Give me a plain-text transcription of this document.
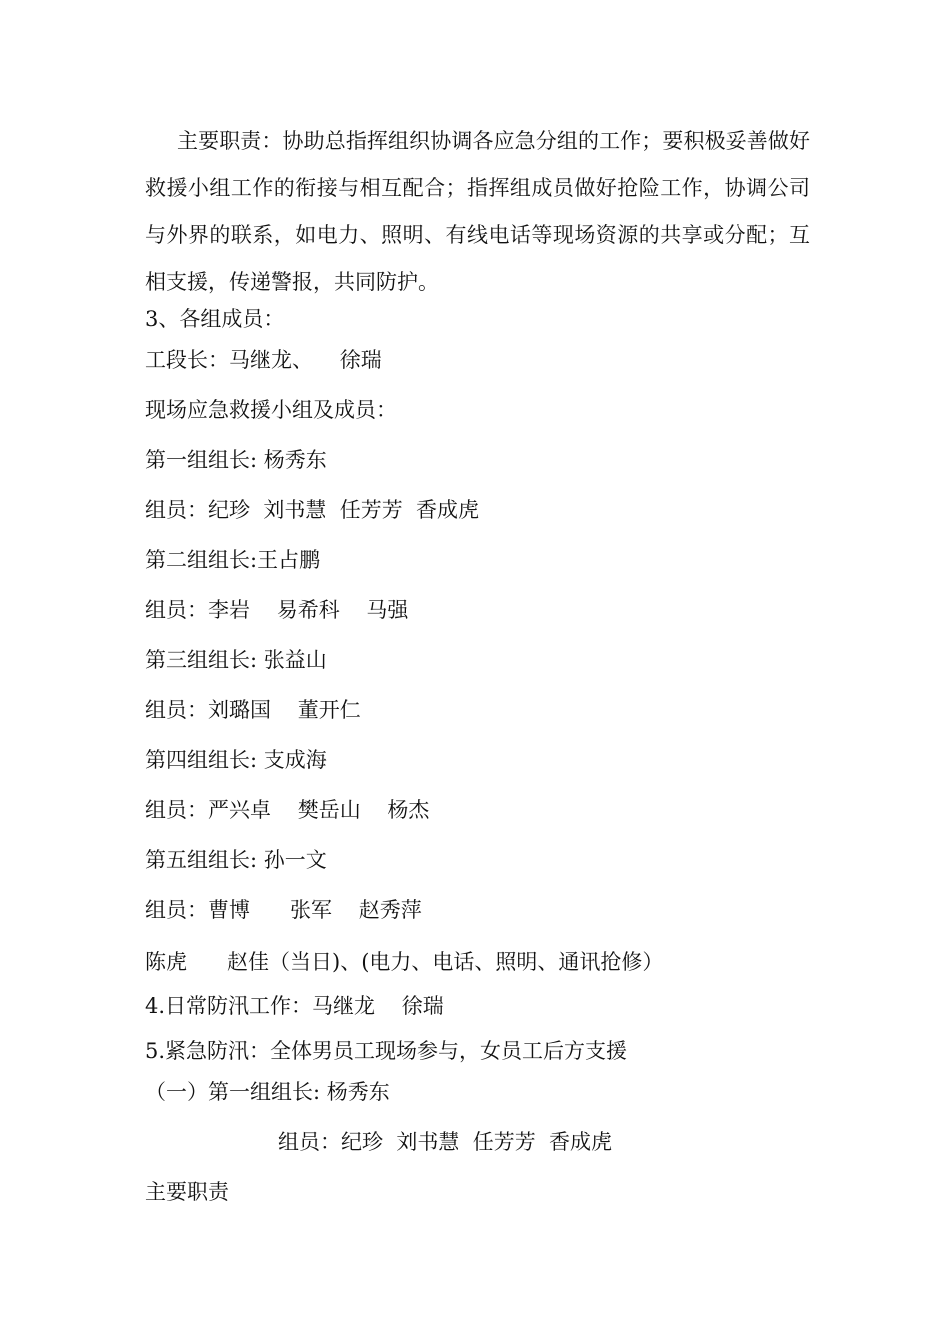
主要职责：协助总指挥组织协调各应急分组的工作；要积极妥善做好救援小组工作的衔接与相互配合；指挥组成员做好抢险工作，协调公司与外界的联系，如电力、照明、有线电话等现场资源的共享或分配；互相支援，传递警报，共同防护。

3、各组成员：
工段长：马继龙、    徐瑞
现场应急救援小组及成员：
第一组组长: 杨秀东
组员：纪珍  刘书慧  任芳芳  香成虎
第二组组长:王占鹏
组员：李岩    易希科    马强
第三组组长: 张益山
组员：刘璐国    董开仁
第四组组长: 支成海
组员：严兴卓    樊岳山    杨杰
第五组组长: 孙一文
组员：曹博      张军    赵秀萍
陈虎      赵佳（当日)、(电力、电话、照明、通讯抢修）
4.日常防汛工作：马继龙    徐瑞
5.紧急防汛：全体男员工现场参与，女员工后方支援
（一）第一组组长: 杨秀东
组员：纪珍  刘书慧  任芳芳  香成虎
主要职责
